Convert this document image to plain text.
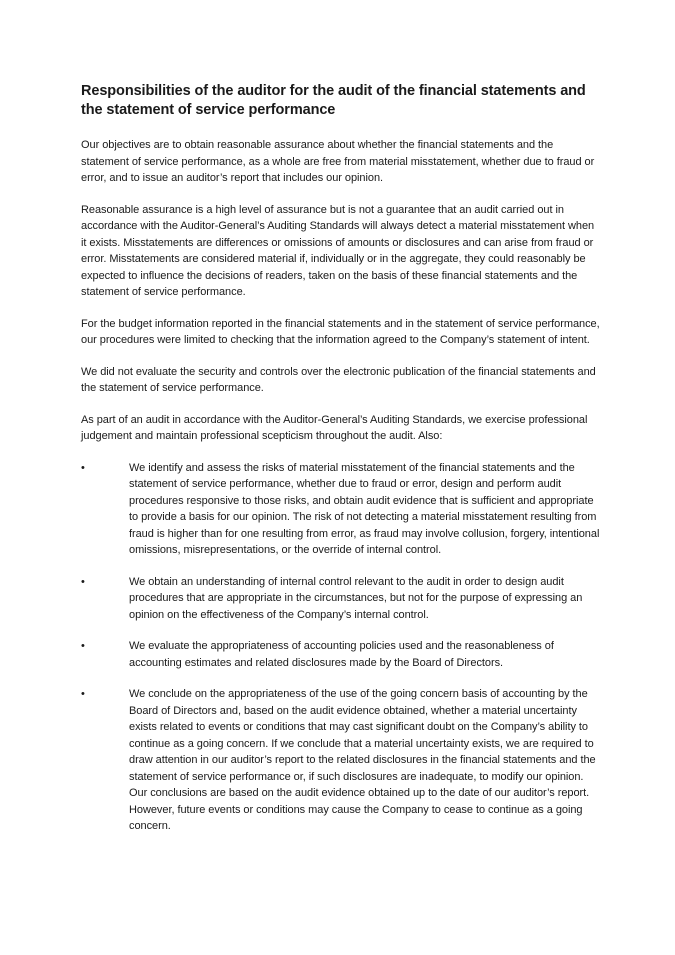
Responsibilities of the auditor for the audit of the financial statements and the statement of service performance

Our objectives are to obtain reasonable assurance about whether the financial statements and the statement of service performance, as a whole are free from material misstatement, whether due to fraud or error, and to issue an auditor’s report that includes our opinion.

Reasonable assurance is a high level of assurance but is not a guarantee that an audit carried out in accordance with the Auditor-General’s Auditing Standards will always detect a material misstatement when it exists. Misstatements are differences or omissions of amounts or disclosures and can arise from fraud or error. Misstatements are considered material if, individually or in the aggregate, they could reasonably be expected to influence the decisions of readers, taken on the basis of these financial statements and the statement of service performance.

For the budget information reported in the financial statements and in the statement of service performance, our procedures were limited to checking that the information agreed to the Company’s statement of intent.

We did not evaluate the security and controls over the electronic publication of the financial statements and the statement of service performance.

As part of an audit in accordance with the Auditor-General’s Auditing Standards, we exercise professional judgement and maintain professional scepticism throughout the audit. Also:

•	We identify and assess the risks of material misstatement of the financial statements and the statement of service performance, whether due to fraud or error, design and perform audit procedures responsive to those risks, and obtain audit evidence that is sufficient and appropriate to provide a basis for our opinion. The risk of not detecting a material misstatement resulting from fraud is higher than for one resulting from error, as fraud may involve collusion, forgery, intentional omissions, misrepresentations, or the override of internal control.
•	We obtain an understanding of internal control relevant to the audit in order to design audit procedures that are appropriate in the circumstances, but not for the purpose of expressing an opinion on the effectiveness of the Company’s internal control.
•	We evaluate the appropriateness of accounting policies used and the reasonableness of accounting estimates and related disclosures made by the Board of Directors.
•	We conclude on the appropriateness of the use of the going concern basis of accounting by the Board of Directors and, based on the audit evidence obtained, whether a material uncertainty exists related to events or conditions that may cast significant doubt on the Company’s ability to continue as a going concern. If we conclude that a material uncertainty exists, we are required to draw attention in our auditor’s report to the related disclosures in the financial statements and the statement of service performance or, if such disclosures are inadequate, to modify our opinion. Our conclusions are based on the audit evidence obtained up to the date of our auditor’s report. However, future events or conditions may cause the Company to cease to continue as a going concern.
